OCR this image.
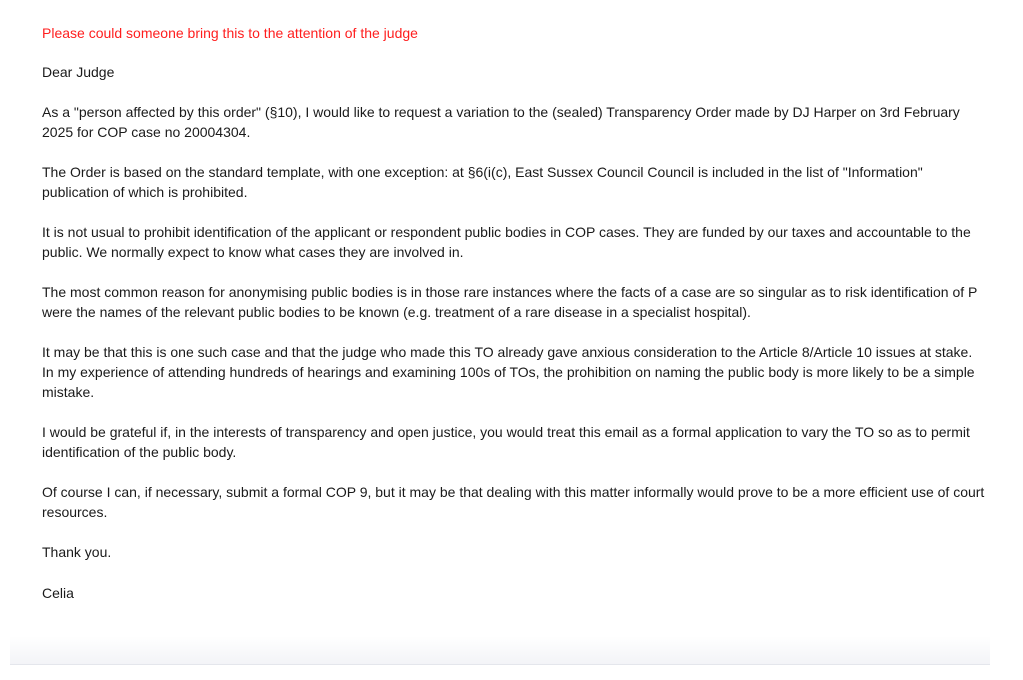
Please could someone bring this to the attention of the judge

Dear Judge

As a "person affected by this order" (§10), I would like to request a variation to the (sealed) Transparency Order made by DJ Harper on 3rd February 2025 for COP case no 20004304.

The Order is based on the standard template, with one exception: at §6(i(c), East Sussex Council Council is included in the list of "Information" publication of which is prohibited.

It is not usual to prohibit identification of the applicant or respondent public bodies in COP cases. They are funded by our taxes and accountable to the public. We normally expect to know what cases they are involved in.

The most common reason for anonymising public bodies is in those rare instances where the facts of a case are so singular as to risk identification of P were the names of the relevant public bodies to be known (e.g. treatment of a rare disease in a specialist hospital).

It may be that this is one such case and that the judge who made this TO already gave anxious consideration to the Article 8/Article 10 issues at stake. In my experience of attending hundreds of hearings and examining 100s of TOs, the prohibition on naming the public body is more likely to be a simple mistake.

I would be grateful if, in the interests of transparency and open justice, you would treat this email as a formal application to vary the TO so as to permit identification of the public body.

Of course I can, if necessary, submit a formal COP 9, but it may be that dealing with this matter informally would prove to be a more efficient use of court resources.

Thank you.

Celia
